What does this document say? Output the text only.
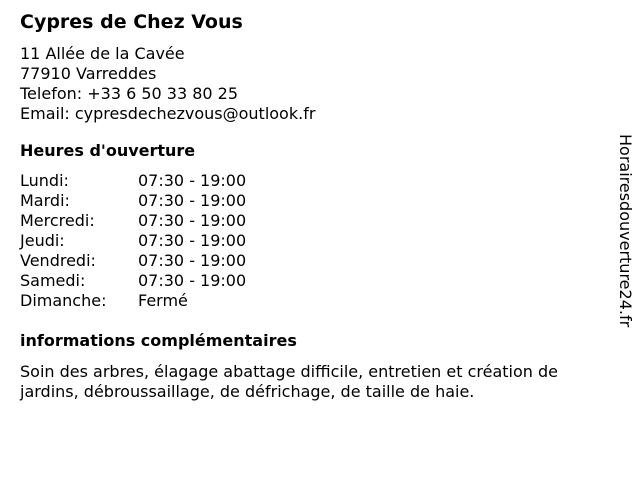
Cypres de Chez Vous
11 Allée de la Cavée
77910 Varreddes
Telefon: +33 6 50 33 80 25
Email: cypresdechezvous@outlook.fr
Heures d'ouverture
Lundi:	07:30 - 19:00
Mardi:	07:30 - 19:00
Mercredi:	07:30 - 19:00
Jeudi:	07:30 - 19:00
Vendredi:	07:30 - 19:00
Samedi:	07:30 - 19:00
Dimanche:	Fermé
informations complémentaires

Soin des arbres, élagage abattage difficile, entretien et création de jardins, débroussaillage, de défrichage, de taille de haie.

Horairesdouverture24.fr
